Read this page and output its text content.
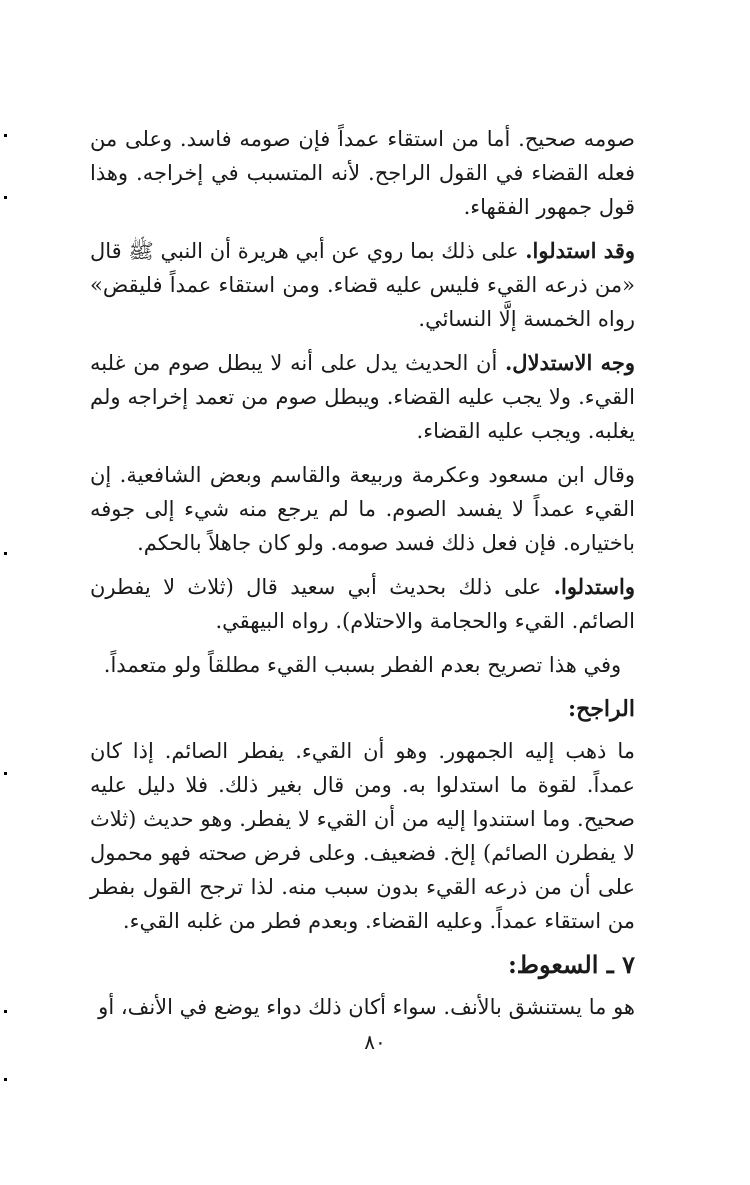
صومه صحيح. أما من استقاء عمداً فإن صومه فاسد. وعلى من فعله القضاء في القول الراجح. لأنه المتسبب في إخراجه. وهذا قول جمهور الفقهاء.

وقد استدلوا. على ذلك بما روي عن أبي هريرة أن النبي ﷺ قال «من ذرعه القيء فليس عليه قضاء. ومن استقاء عمداً فليقض» رواه الخمسة إلَّا النسائي.

وجه الاستدلال. أن الحديث يدل على أنه لا يبطل صوم من غلبه القيء. ولا يجب عليه القضاء. ويبطل صوم من تعمد إخراجه ولم يغلبه. ويجب عليه القضاء.

وقال ابن مسعود وعكرمة وربيعة والقاسم وبعض الشافعية. إن القيء عمداً لا يفسد الصوم. ما لم يرجع منه شيء إلى جوفه باختياره. فإن فعل ذلك فسد صومه. ولو كان جاهلاً بالحكم.

واستدلوا. على ذلك بحديث أبي سعيد قال (ثلاث لا يفطرن الصائم. القيء والحجامة والاحتلام). رواه البيهقي.

وفي هذا تصريح بعدم الفطر بسبب القيء مطلقاً ولو متعمداً.

الراجح:

ما ذهب إليه الجمهور. وهو أن القيء. يفطر الصائم. إذا كان عمداً. لقوة ما استدلوا به. ومن قال بغير ذلك. فلا دليل عليه صحيح. وما استندوا إليه من أن القيء لا يفطر. وهو حديث (ثلاث لا يفطرن الصائم) إلخ. فضعيف. وعلى فرض صحته فهو محمول على أن من ذرعه القيء بدون سبب منه. لذا ترجح القول بفطر من استقاء عمداً. وعليه القضاء. وبعدم فطر من غلبه القيء.

٧ ـ السعوط:

هو ما يستنشق بالأنف. سواء أكان ذلك دواء يوضع في الأنف، أو

٨٠
